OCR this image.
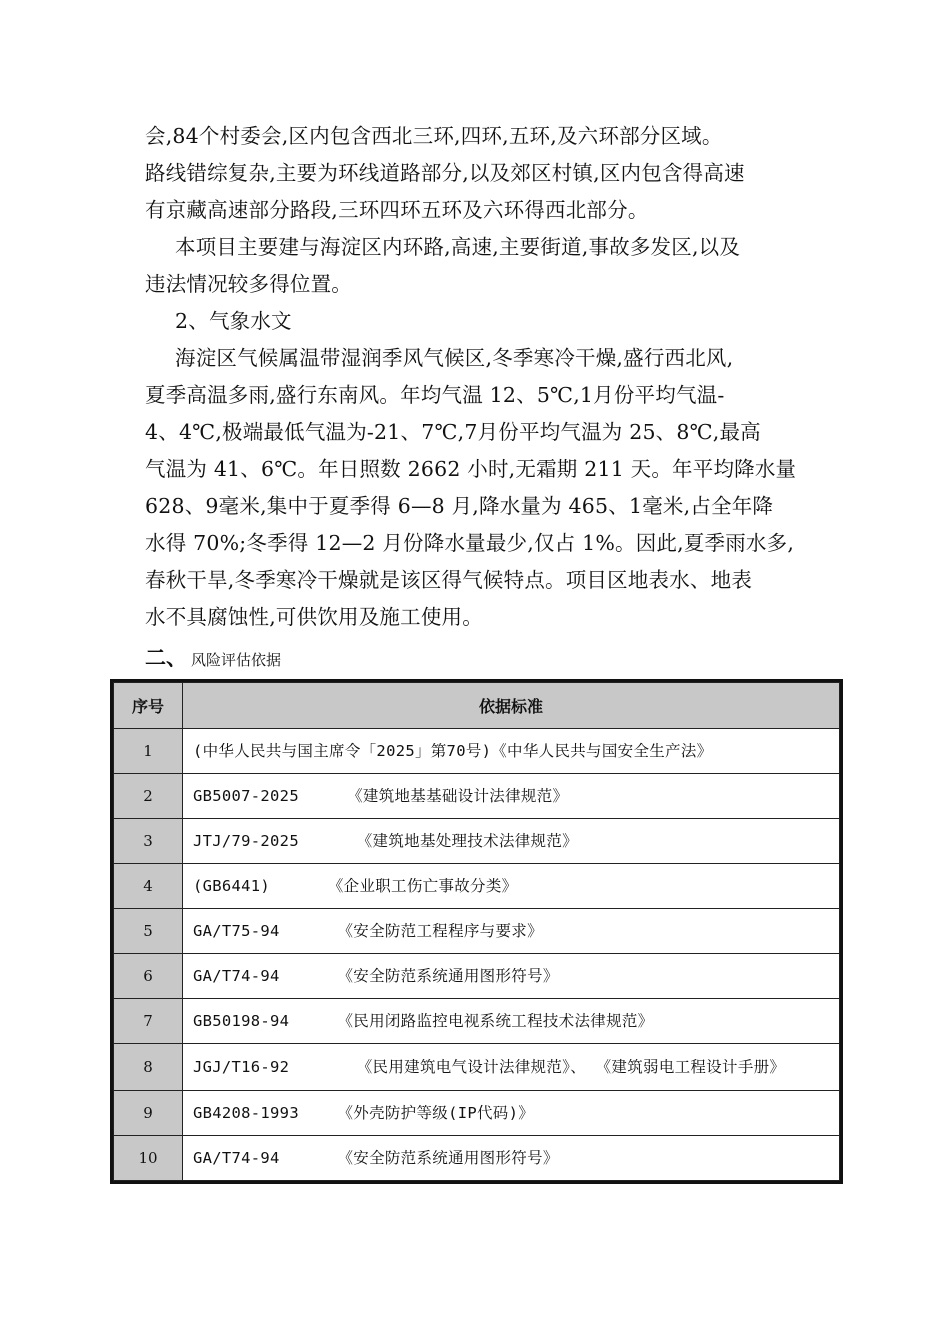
会,84个村委会,区内包含西北三环,四环,五环,及六环部分区域。
路线错综复杂,主要为环线道路部分,以及郊区村镇,区内包含得高速
有京藏高速部分路段,三环四环五环及六环得西北部分。
本项目主要建与海淀区内环路,高速,主要街道,事故多发区,以及
违法情况较多得位置。
2、气象水文
海淀区气候属温带湿润季风气候区,冬季寒冷干燥,盛行西北风,
夏季高温多雨,盛行东南风。年均气温 12、5℃,1月份平均气温-
4、4℃,极端最低气温为-21、7℃,7月份平均气温为 25、8℃,最高
气温为 41、6℃。年日照数 2662 小时,无霜期 211 天。年平均降水量
628、9毫米,集中于夏季得 6—8 月,降水量为 465、1毫米,占全年降
水得 70%;冬季得 12—2 月份降水量最少,仅占 1%。因此,夏季雨水多,
春秋干旱,冬季寒冷干燥就是该区得气候特点。项目区地表水、地表
水不具腐蚀性,可供饮用及施工使用。
二、 风险评估依据
序号	依据标准
1	(中华人民共与国主席令「2025」第70号)《中华人民共与国安全生产法》
2	GB5007-2025     《建筑地基基础设计法律规范》
3	JTJ/79-2025      《建筑地基处理技术法律规范》
4	(GB6441)      《企业职工伤亡事故分类》
5	GA/T75-94      《安全防范工程程序与要求》
6	GA/T74-94      《安全防范系统通用图形符号》
7	GB50198-94     《民用闭路监控电视系统工程技术法律规范》
8	JGJ/T16-92       《民用建筑电气设计法律规范》、 《建筑弱电工程设计手册》
9	GB4208-1993    《外壳防护等级(IP代码)》
10	GA/T74-94      《安全防范系统通用图形符号》
